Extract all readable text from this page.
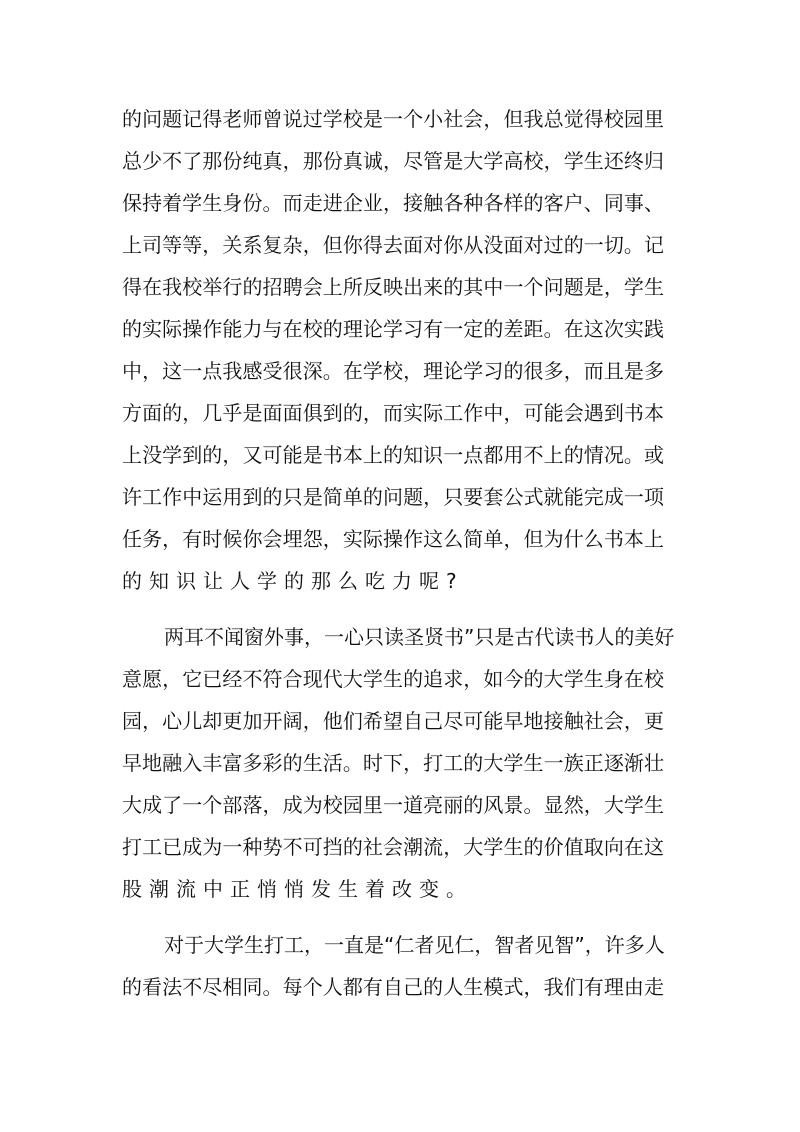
的问题记得老师曾说过学校是一个小社会，但我总觉得校园里
总少不了那份纯真，那份真诚，尽管是大学高校，学生还终归
保持着学生身份。而走进企业，接触各种各样的客户、同事、
上司等等，关系复杂，但你得去面对你从没面对过的一切。记
得在我校举行的招聘会上所反映出来的其中一个问题是，学生
的实际操作能力与在校的理论学习有一定的差距。在这次实践
中，这一点我感受很深。在学校，理论学习的很多，而且是多
方面的，几乎是面面俱到的，而实际工作中，可能会遇到书本
上没学到的，又可能是书本上的知识一点都用不上的情况。或
许工作中运用到的只是简单的问题，只要套公式就能完成一项
任务，有时候你会埋怨，实际操作这么简单，但为什么书本上
的知识让人学的那么吃力呢?
两耳不闻窗外事，一心只读圣贤书”只是古代读书人的美好
意愿，它已经不符合现代大学生的追求，如今的大学生身在校
园，心儿却更加开阔，他们希望自己尽可能早地接触社会，更
早地融入丰富多彩的生活。时下，打工的大学生一族正逐渐壮
大成了一个部落，成为校园里一道亮丽的风景。显然，大学生
打工已成为一种势不可挡的社会潮流，大学生的价值取向在这
股潮流中正悄悄发生着改变。
对于大学生打工，一直是“仁者见仁，智者见智”，许多人
的看法不尽相同。每个人都有自己的人生模式，我们有理由走
